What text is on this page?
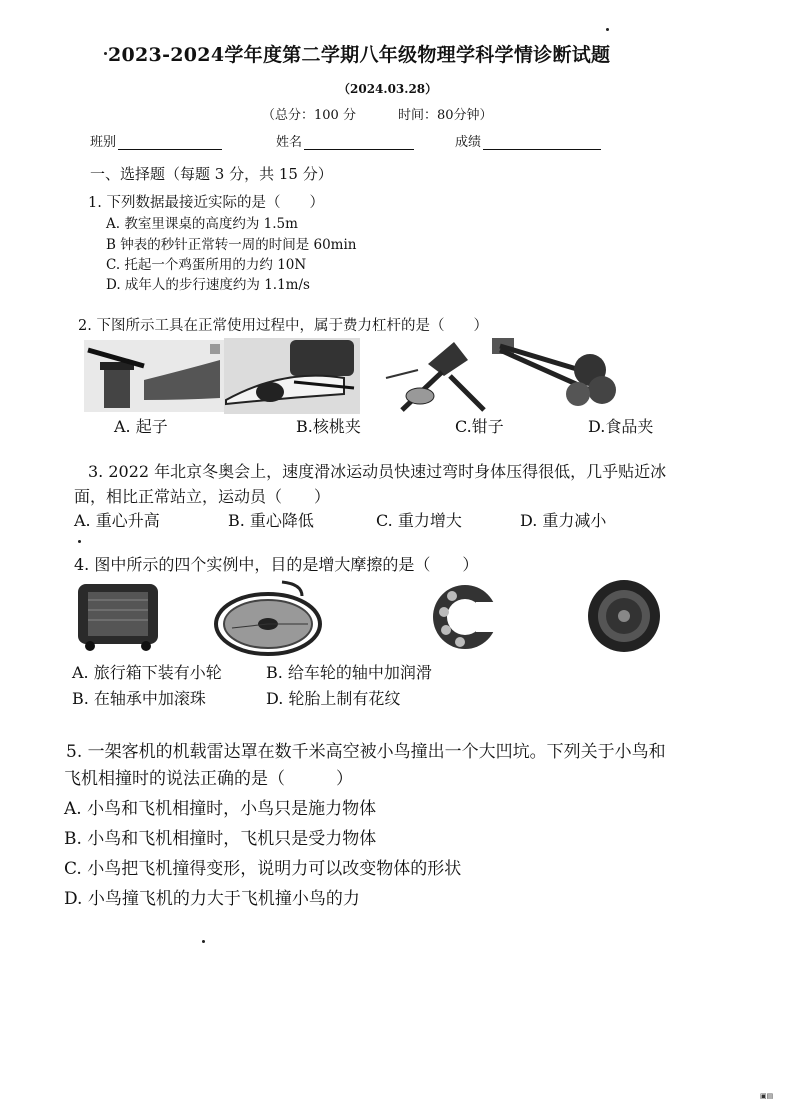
2023-2024学年度第二学期八年级物理学科学情诊断试题
（2024.03.28）
（总分：100 分	时间：80分钟）
班别	姓名	成绩
一、选择题（每题 3 分，共 15 分）
1. 下列数据最接近实际的是（　　）
A. 教室里课桌的高度约为 1.5m
B 钟表的秒针正常转一周的时间是 60min
C. 托起一个鸡蛋所用的力约 10N
D. 成年人的步行速度约为 1.1m/s
2. 下图所示工具在正常使用过程中，属于费力杠杆的是（　　）
A. 起子	B.核桃夹	C.钳子	D.食品夹
3. 2022 年北京冬奥会上，速度滑冰运动员快速过弯时身体压得很低，几乎贴近冰
面，相比正常站立，运动员（　　）
A. 重心升高	B. 重心降低	C. 重力增大	D. 重力减小
4. 图中所示的四个实例中，目的是增大摩擦的是（　　）
A. 旅行箱下装有小轮	B. 给车轮的轴中加润滑
B. 在轴承中加滚珠	D. 轮胎上制有花纹
5. 一架客机的机载雷达罩在数千米高空被小鸟撞出一个大凹坑。下列关于小鸟和
飞机相撞时的说法正确的是（　　　）
A. 小鸟和飞机相撞时，小鸟只是施力物体
B. 小鸟和飞机相撞时，飞机只是受力物体
C. 小鸟把飞机撞得变形，说明力可以改变物体的形状
D. 小鸟撞飞机的力大于飞机撞小鸟的力
▣▤
